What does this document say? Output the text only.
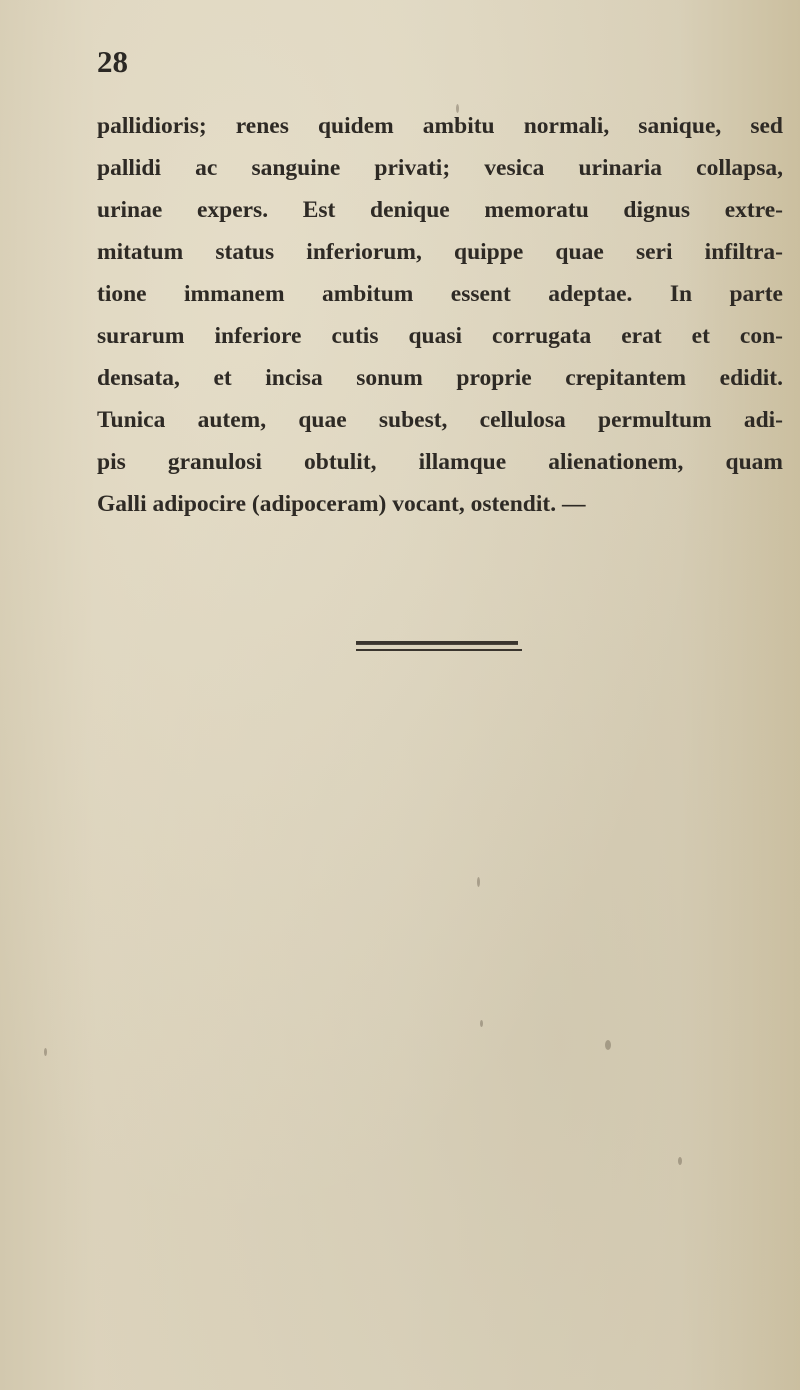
28
pallidioris; renes quidem ambitu normali, sanique, sed
pallidi ac sanguine privati; vesica urinaria collapsa,
urinae expers. Est denique memoratu dignus extre-
mitatum status inferiorum, quippe quae seri infiltra-
tione immanem ambitum essent adeptae. In parte
surarum inferiore cutis quasi corrugata erat et con-
densata, et incisa sonum proprie crepitantem edidit.
Tunica autem, quae subest, cellulosa permultum adi-
pis granulosi obtulit, illamque alienationem, quam
Galli adipocire (adipoceram) vocant, ostendit. —
